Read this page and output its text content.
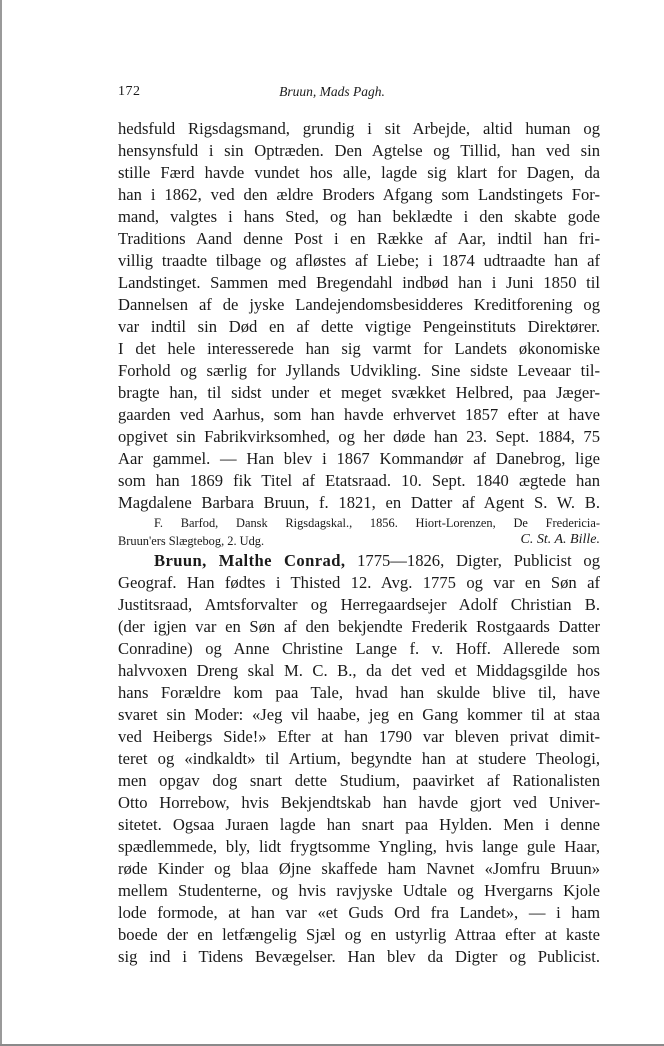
172	Bruun, Mads Pagh.
hedsfuld Rigsdagsmand, grundig i sit Arbejde, altid human og
hensynsfuld i sin Optræden. Den Agtelse og Tillid, han ved sin
stille Færd havde vundet hos alle, lagde sig klart for Dagen, da
han i 1862, ved den ældre Broders Afgang som Landstingets For-
mand, valgtes i hans Sted, og han beklædte i den skabte gode
Traditions Aand denne Post i en Række af Aar, indtil han fri-
villig traadte tilbage og afløstes af Liebe; i 1874 udtraadte han af
Landstinget. Sammen med Bregendahl indbød han i Juni 1850 til
Dannelsen af de jyske Landejendomsbesidderes Kreditforening og
var indtil sin Død en af dette vigtige Pengeinstituts Direktører.
I det hele interesserede han sig varmt for Landets økonomiske
Forhold og særlig for Jyllands Udvikling. Sine sidste Leveaar til-
bragte han, til sidst under et meget svækket Helbred, paa Jæger-
gaarden ved Aarhus, som han havde erhvervet 1857 efter at have
opgivet sin Fabrikvirksomhed, og her døde han 23. Sept. 1884, 75
Aar gammel. — Han blev i 1867 Kommandør af Danebrog, lige
som han 1869 fik Titel af Etatsraad. 10. Sept. 1840 ægtede han
Magdalene Barbara Bruun, f. 1821, en Datter af Agent S. W. B.
F. Barfod, Dansk Rigsdagskal., 1856. Hiort-Lorenzen, De Fredericia-
Bruun'ers Slægtebog, 2. Udg.	C. St. A. Bille.
Bruun, Malthe Conrad, 1775—1826, Digter, Publicist og
Geograf. Han fødtes i Thisted 12. Avg. 1775 og var en Søn af
Justitsraad, Amtsforvalter og Herregaardsejer Adolf Christian B.
(der igjen var en Søn af den bekjendte Frederik Rostgaards Datter
Conradine) og Anne Christine Lange f. v. Hoff. Allerede som
halvvoxen Dreng skal M. C. B., da det ved et Middagsgilde hos
hans Forældre kom paa Tale, hvad han skulde blive til, have
svaret sin Moder: «Jeg vil haabe, jeg en Gang kommer til at staa
ved Heibergs Side!» Efter at han 1790 var bleven privat dimit-
teret og «indkaldt» til Artium, begyndte han at studere Theologi,
men opgav dog snart dette Studium, paavirket af Rationalisten
Otto Horrebow, hvis Bekjendtskab han havde gjort ved Univer-
sitetet. Ogsaa Juraen lagde han snart paa Hylden. Men i denne
spædlemmede, bly, lidt frygtsomme Yngling, hvis lange gule Haar,
røde Kinder og blaa Øjne skaffede ham Navnet «Jomfru Bruun»
mellem Studenterne, og hvis ravjyske Udtale og Hvergarns Kjole
lode formode, at han var «et Guds Ord fra Landet», — i ham
boede der en letfængelig Sjæl og en ustyrlig Attraa efter at kaste
sig ind i Tidens Bevægelser. Han blev da Digter og Publicist.
